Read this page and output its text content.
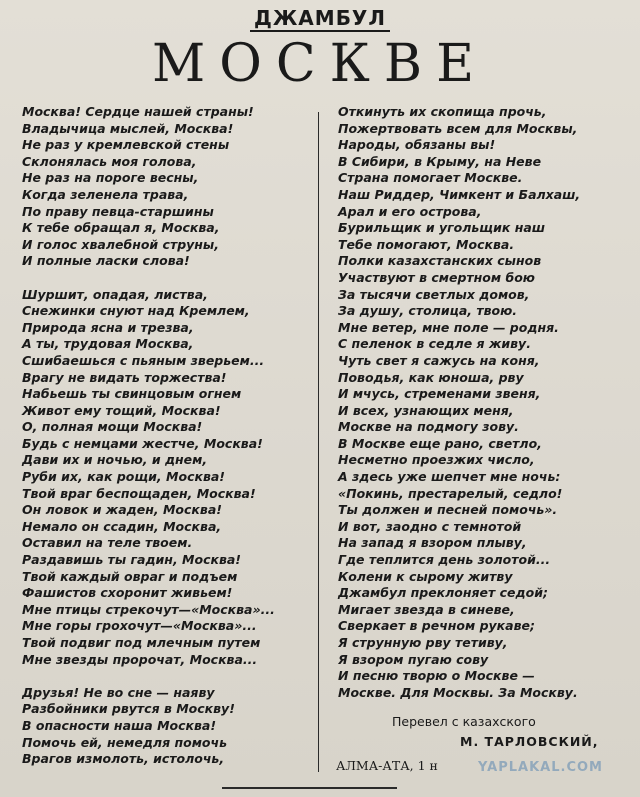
ДЖАМБУЛ
МОСКВЕ
Москва! Сердце нашей страны!
Владычица мыслей, Москва!
Не раз у кремлевской стены
Склонялась моя голова,
Не раз на пороге весны,
Когда зеленела трава,
По праву певца-старшины
К тебе обращал я, Москва,
И голос хвалебной струны,
И полные ласки слова!
Шуршит, опадая, листва,
Снежинки снуют над Кремлем,
Природа ясна и трезва,
А ты, трудовая Москва,
Сшибаешься с пьяным зверьем...
Врагу не видать торжества!
Набьешь ты свинцовым огнем
Живот ему тощий, Москва!
О, полная мощи Москва!
Будь с немцами жестче, Москва!
Дави их и ночью, и днем,
Руби их, как рощи, Москва!
Твой враг беспощаден, Москва!
Он ловок и жаден, Москва!
Немало он ссадин, Москва,
Оставил на теле твоем.
Раздавишь ты гадин, Москва!
Твой каждый овраг и подъем
Фашистов схоронит живьем!
Мне птицы стрекочут—«Москва»...
Мне горы грохочут—«Москва»...
Твой подвиг под млечным путем
Мне звезды пророчат, Москва...
Друзья! Не во сне — наяву
Разбойники рвутся в Москву!
В опасности наша Москва!
Помочь ей, немедля помочь
Врагов измолоть, истолочь,
Откинуть их скопища прочь,
Пожертвовать всем для Москвы,
Народы, обязаны вы!
В Сибири, в Крыму, на Неве
Страна помогает Москве.
Наш Риддер, Чимкент и Балхаш,
Арал и его острова,
Бурильщик и угольщик наш
Тебе помогают, Москва.
Полки казахстанских сынов
Участвуют в смертном бою
За тысячи светлых домов,
За душу, столица, твою.
Мне ветер, мне поле — родня.
С пеленок в седле я живу.
Чуть свет я сажусь на коня,
Поводья, как юноша, рву
И мчусь, стременами звеня,
И всех, узнающих меня,
Москве на подмогу зову.
В Москве еще рано, светло,
Несметно проезжих число,
А здесь уже шепчет мне ночь:
«Покинь, престарелый, седло!
Ты должен и песней помочь».
И вот, заодно с темнотой
На запад я взором плыву,
Где теплится день золотой...
Колени к сырому житву
Джамбул преклоняет седой;
Мигает звезда в синеве,
Сверкает в речном рукаве;
Я струнную рву тетиву,
Я взором пугаю сову
И песню творю о Москве —
Москве. Для Москвы. За Москву.
Перевел с казахского
М. ТАРЛОВСКИЙ,
АЛМА-АТА, 1 н	YAPLAKAL.COM
